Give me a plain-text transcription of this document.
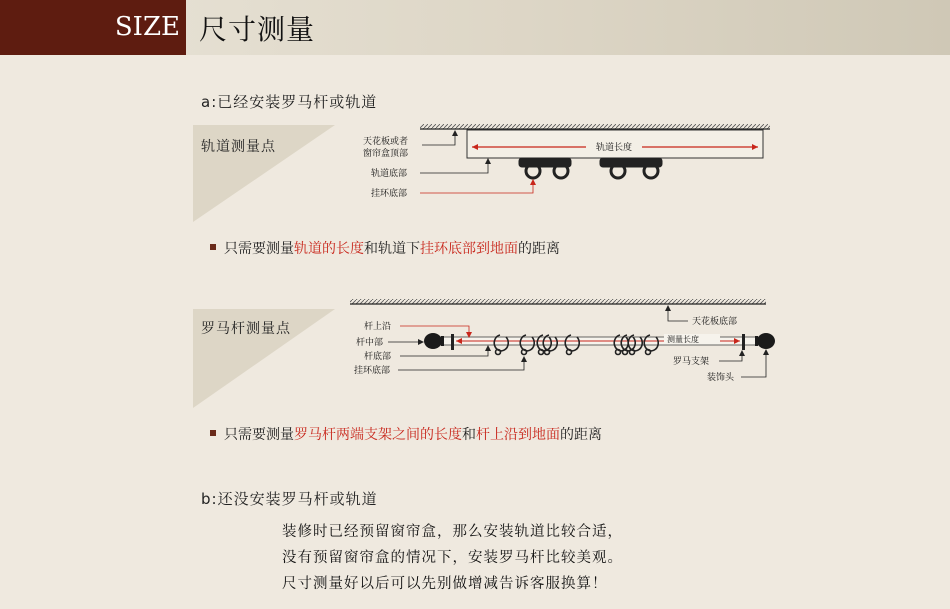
SIZE 尺寸测量
a:已经安装罗马杆或轨道
轨道测量点
罗马杆测量点
轨道长度
天花板或者
窗帘盒顶部
轨道底部
挂环底部
只需要测量轨道的长度和轨道下挂环底部到地面的距离
天花板底部
测量长度
杆上沿
杆中部
杆底部
挂环底部
罗马支架
装饰头
只需要测量罗马杆两端支架之间的长度和杆上沿到地面的距离
b:还没安装罗马杆或轨道
装修时已经预留窗帘盒，那么安装轨道比较合适，
没有预留窗帘盒的情况下，安装罗马杆比较美观。
尺寸测量好以后可以先别做增减告诉客服换算！
